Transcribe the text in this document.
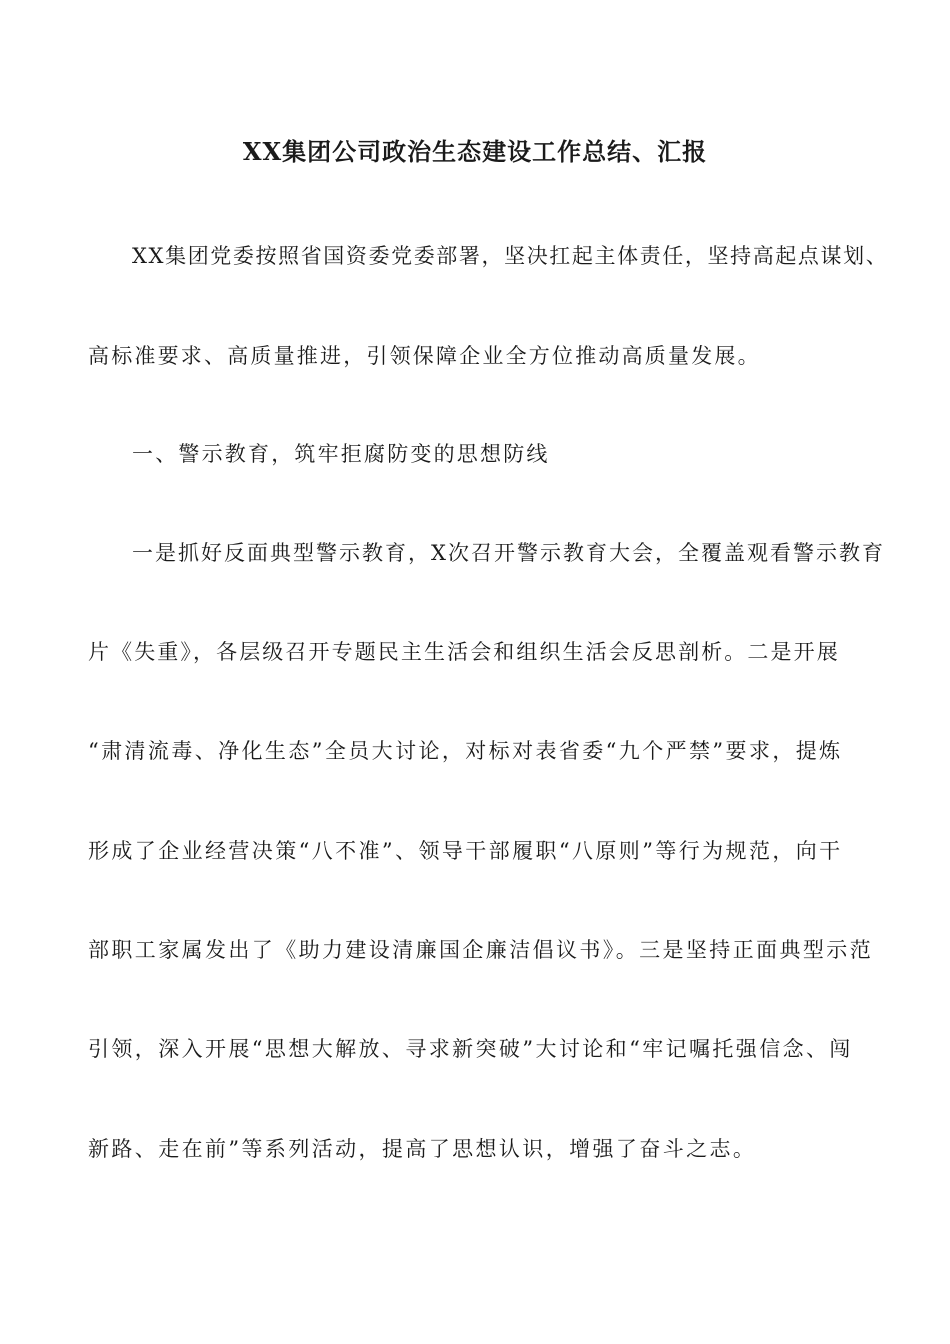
XX集团公司政治生态建设工作总结、汇报
XX集团党委按照省国资委党委部署，坚决扛起主体责任，坚持高起点谋划、
高标准要求、高质量推进，引领保障企业全方位推动高质量发展。
一、警示教育，筑牢拒腐防变的思想防线
一是抓好反面典型警示教育，X次召开警示教育大会，全覆盖观看警示教育
片《失重》，各层级召开专题民主生活会和组织生活会反思剖析。二是开展
“肃清流毒、净化生态”全员大讨论，对标对表省委“九个严禁”要求，提炼
形成了企业经营决策“八不准”、领导干部履职“八原则”等行为规范，向干
部职工家属发出了《助力建设清廉国企廉洁倡议书》。三是坚持正面典型示范
引领，深入开展“思想大解放、寻求新突破”大讨论和“牢记嘱托强信念、闯
新路、走在前”等系列活动，提高了思想认识，增强了奋斗之志。
